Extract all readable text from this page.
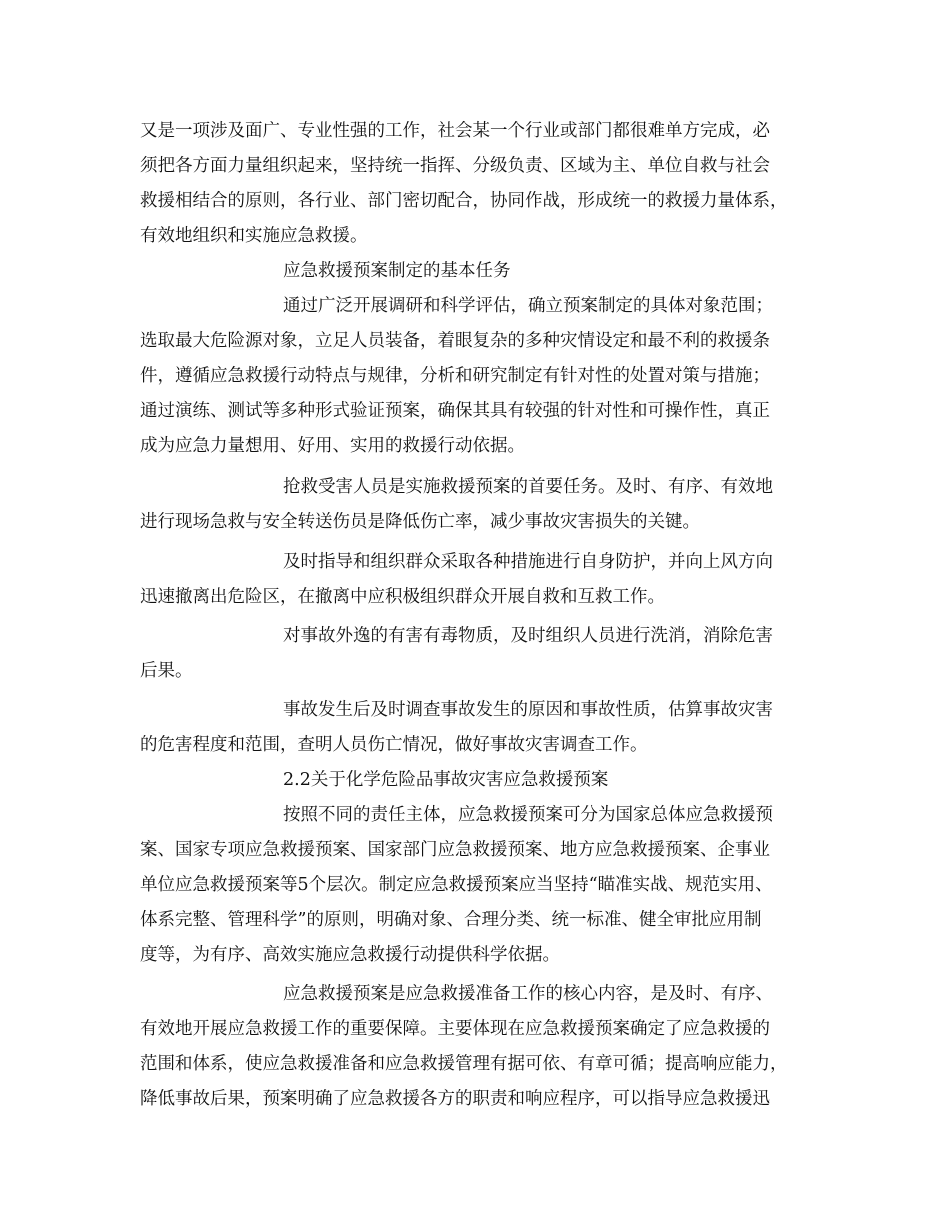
又是一项涉及面广、专业性强的工作，社会某一个行业或部门都很难单方完成，必
须把各方面力量组织起来，坚持统一指挥、分级负责、区域为主、单位自救与社会
救援相结合的原则，各行业、部门密切配合，协同作战，形成统一的救援力量体系，
有效地组织和实施应急救援。
应急救援预案制定的基本任务
通过广泛开展调研和科学评估，确立预案制定的具体对象范围；
选取最大危险源对象，立足人员装备，着眼复杂的多种灾情设定和最不利的救援条
件，遵循应急救援行动特点与规律，分析和研究制定有针对性的处置对策与措施；
通过演练、测试等多种形式验证预案，确保其具有较强的针对性和可操作性，真正
成为应急力量想用、好用、实用的救援行动依据。
抢救受害人员是实施救援预案的首要任务。及时、有序、有效地
进行现场急救与安全转送伤员是降低伤亡率，减少事故灾害损失的关键。
及时指导和组织群众采取各种措施进行自身防护，并向上风方向
迅速撤离出危险区，在撤离中应积极组织群众开展自救和互救工作。
对事故外逸的有害有毒物质，及时组织人员进行洗消，消除危害
后果。
事故发生后及时调查事故发生的原因和事故性质，估算事故灾害
的危害程度和范围，查明人员伤亡情况，做好事故灾害调查工作。
2.2关于化学危险品事故灾害应急救援预案
按照不同的责任主体，应急救援预案可分为国家总体应急救援预
案、国家专项应急救援预案、国家部门应急救援预案、地方应急救援预案、企事业
单位应急救援预案等5个层次。制定应急救援预案应当坚持“瞄准实战、规范实用、
体系完整、管理科学”的原则，明确对象、合理分类、统一标准、健全审批应用制
度等，为有序、高效实施应急救援行动提供科学依据。
应急救援预案是应急救援准备工作的核心内容，是及时、有序、
有效地开展应急救援工作的重要保障。主要体现在应急救援预案确定了应急救援的
范围和体系，使应急救援准备和应急救援管理有据可依、有章可循；提高响应能力，
降低事故后果，预案明确了应急救援各方的职责和响应程序，可以指导应急救援迅
